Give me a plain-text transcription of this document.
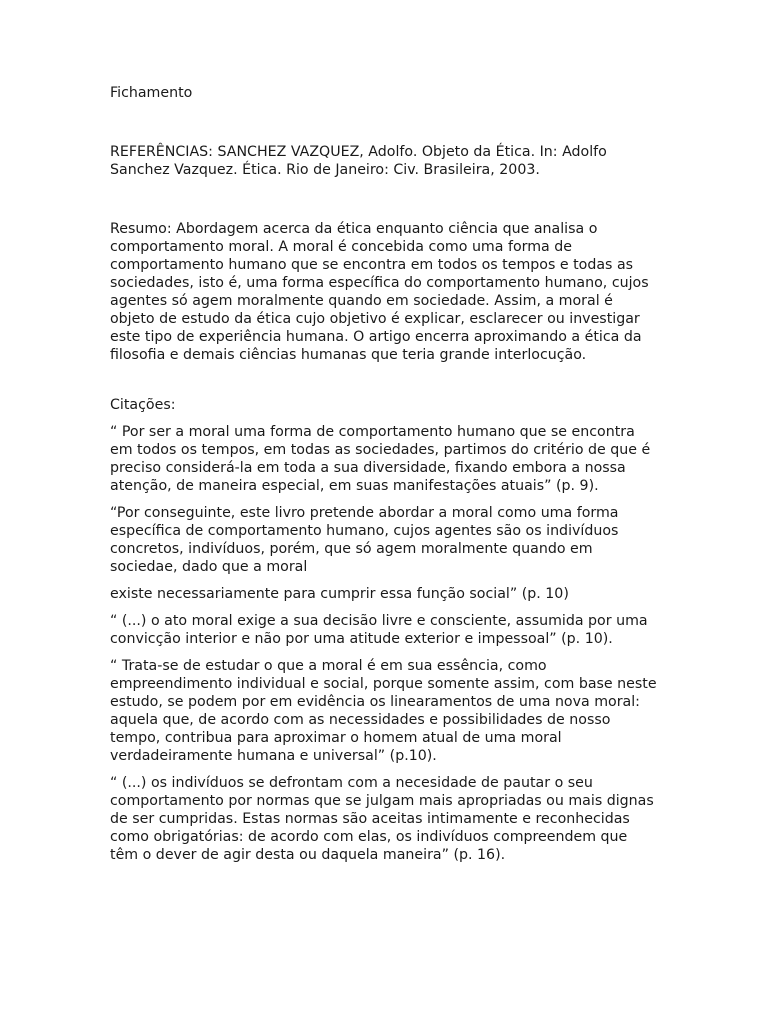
Fichamento

REFERÊNCIAS: SANCHEZ VAZQUEZ, Adolfo. Objeto da Ética. In: Adolfo
Sanchez Vazquez. Ética. Rio de Janeiro: Civ. Brasileira, 2003.

Resumo: Abordagem acerca da ética enquanto ciência que analisa o
comportamento moral. A moral é concebida como uma forma de
comportamento humano que se encontra em todos os tempos e todas as
sociedades, isto é, uma forma específica do comportamento humano, cujos
agentes só agem moralmente quando em sociedade. Assim, a moral é
objeto de estudo da ética cujo objetivo é explicar, esclarecer ou investigar
este tipo de experiência humana. O artigo encerra aproximando a ética da
filosofia e demais ciências humanas que teria grande interlocução.

Citações:

“ Por ser a moral uma forma de comportamento humano que se encontra
em todos os tempos, em todas as sociedades, partimos do critério de que é
preciso considerá-la em toda a sua diversidade, fixando embora a nossa
atenção, de maneira especial, em suas manifestações atuais” (p. 9).

“Por conseguinte, este livro pretende abordar a moral como uma forma
específica de comportamento humano, cujos agentes são os indivíduos
concretos, indivíduos, porém, que só agem moralmente quando em
sociedae, dado que a moral

existe necessariamente para cumprir essa função social” (p. 10)

“ (...) o ato moral exige a sua decisão livre e consciente, assumida por uma
convicção interior e não por uma atitude exterior e impessoal” (p. 10).

“ Trata-se de estudar o que a moral é em sua essência, como
empreendimento individual e social, porque somente assim, com base neste
estudo, se podem por em evidência os linearamentos de uma nova moral:
aquela que, de acordo com as necessidades e possibilidades de nosso
tempo, contribua para aproximar o homem atual de uma moral
verdadeiramente humana e universal” (p.10).

“ (...) os indivíduos se defrontam com a necesidade de pautar o seu
comportamento por normas que se julgam mais apropriadas ou mais dignas
de ser cumpridas. Estas normas são aceitas intimamente e reconhecidas
como obrigatórias: de acordo com elas, os indivíduos compreendem que
têm o dever de agir desta ou daquela maneira” (p. 16).
